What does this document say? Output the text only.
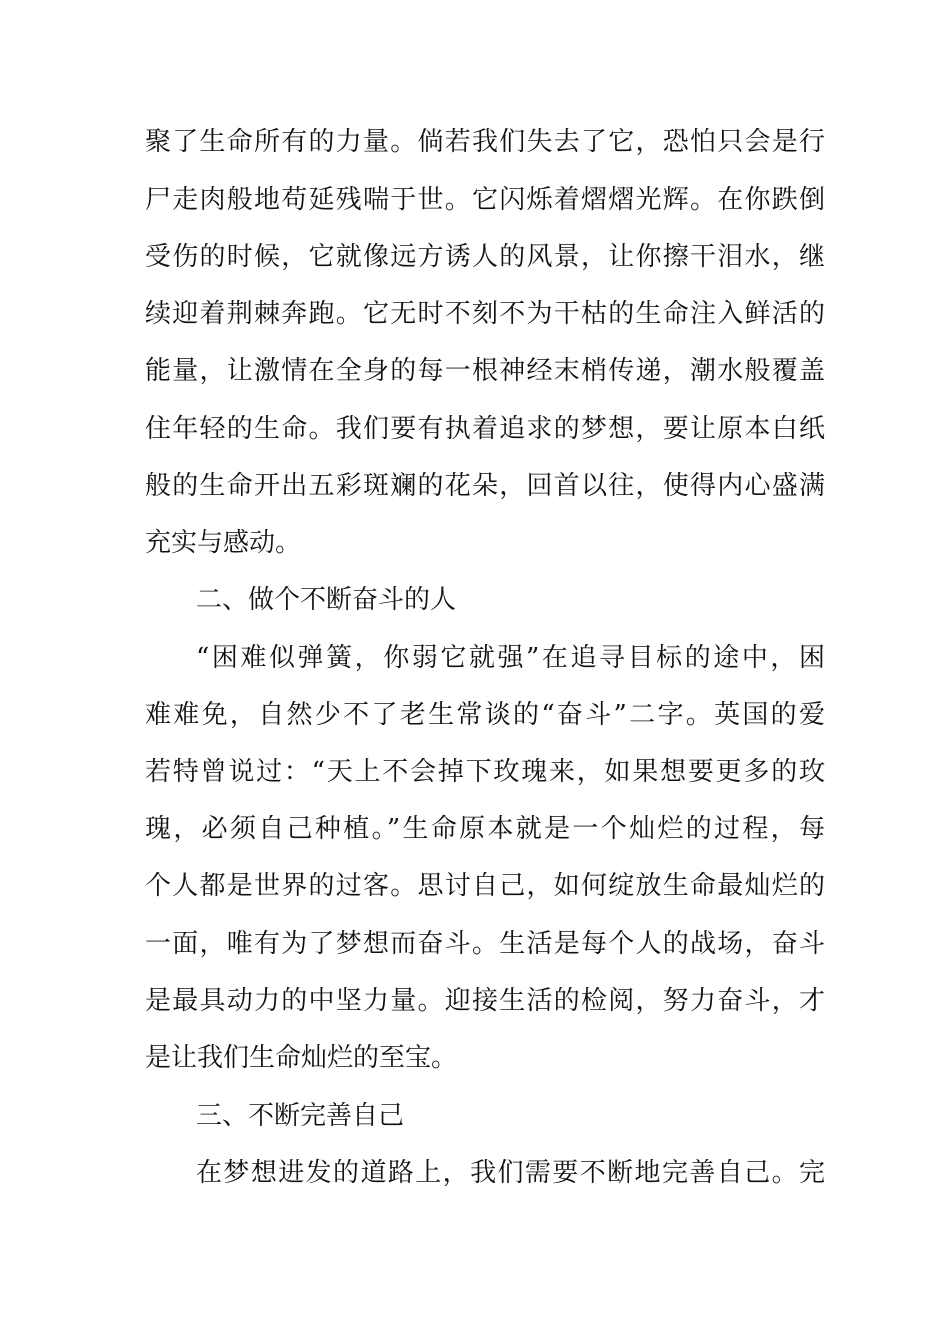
聚了生命所有的力量。倘若我们失去了它，恐怕只会是行
尸走肉般地苟延残喘于世。它闪烁着熠熠光辉。在你跌倒
受伤的时候，它就像远方诱人的风景，让你擦干泪水，继
续迎着荆棘奔跑。它无时不刻不为干枯的生命注入鲜活的
能量，让激情在全身的每一根神经末梢传递，潮水般覆盖
住年轻的生命。我们要有执着追求的梦想，要让原本白纸
般的生命开出五彩斑斓的花朵，回首以往，使得内心盛满
充实与感动。
二、做个不断奋斗的人
“困难似弹簧，你弱它就强”在追寻目标的途中，困
难难免，自然少不了老生常谈的“奋斗”二字。英国的爱
若特曾说过：“天上不会掉下玫瑰来，如果想要更多的玫
瑰，必须自己种植。”生命原本就是一个灿烂的过程，每
个人都是世界的过客。思讨自己，如何绽放生命最灿烂的
一面，唯有为了梦想而奋斗。生活是每个人的战场，奋斗
是最具动力的中坚力量。迎接生活的检阅，努力奋斗，才
是让我们生命灿烂的至宝。
三、不断完善自己
在梦想进发的道路上，我们需要不断地完善自己。完
